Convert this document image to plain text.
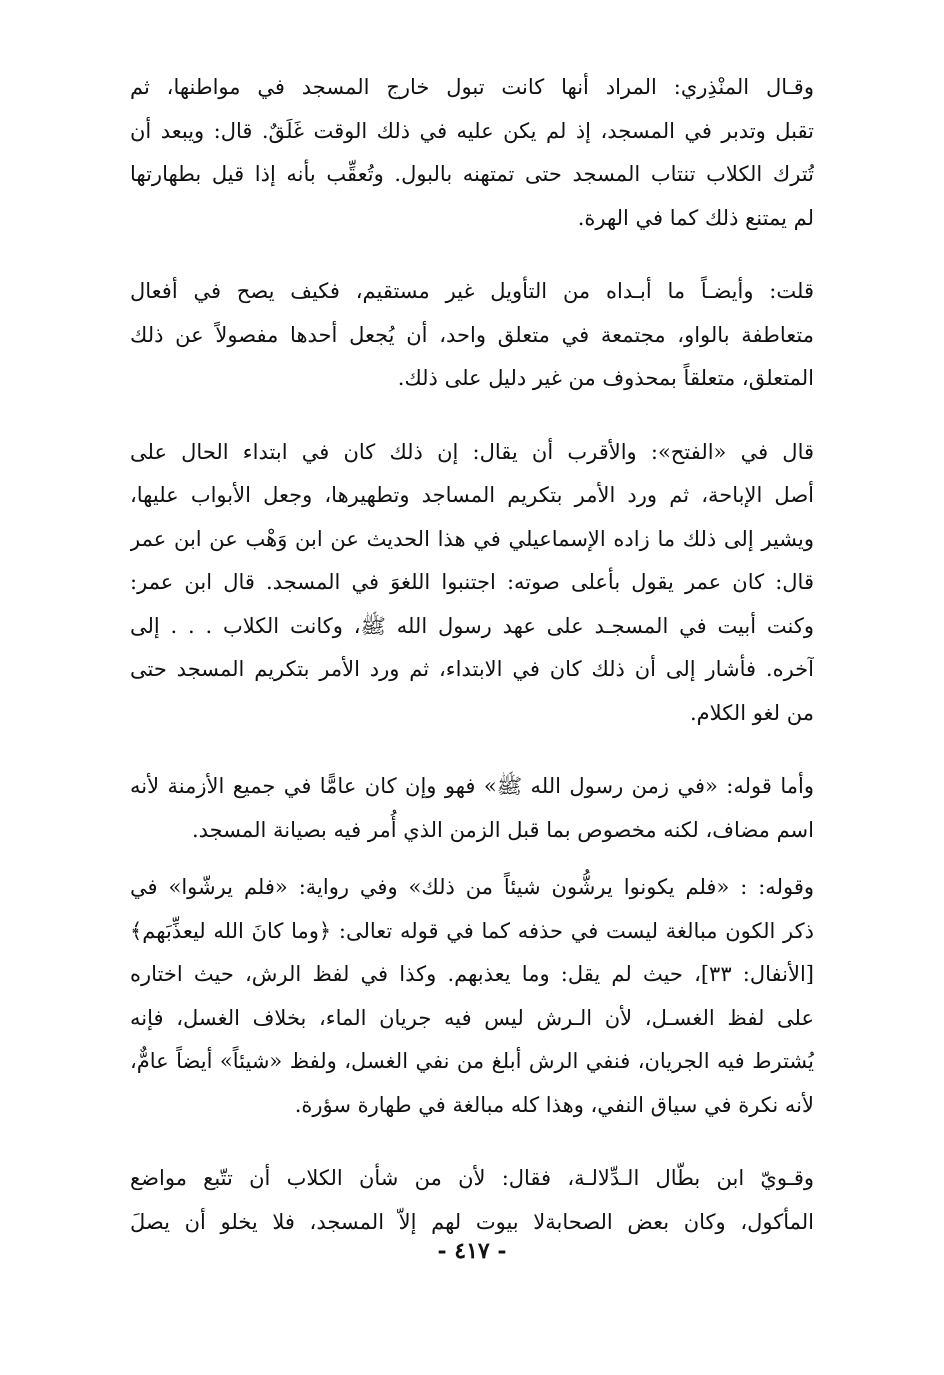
وقـال المنْذِري: المراد أنها كانت تبول خارج المسجد في مواطنها، ثم
تقبل وتدبر في المسجد، إذ لم يكن عليه في ذلك الوقت غَلَقٌ. قال: ويبعد أن
تُترك الكلاب تنتاب المسجد حتى تمتهنه بالبول. وتُعقِّب بأنه إذا قيل بطهارتها
لم يمتنع ذلك كما في الهرة.
قلت: وأيضـاً ما أبـداه من التأويل غير مستقيم، فكيف يصح في أفعال
متعاطفة بالواو، مجتمعة في متعلق واحد، أن يُجعل أحدها مفصولاً عن ذلك
المتعلق، متعلقاً بمحذوف من غير دليل على ذلك.
قال في «الفتح»: والأقرب أن يقال: إن ذلك كان في ابتداء الحال على
أصل الإباحة، ثم ورد الأمر بتكريم المساجد وتطهيرها، وجعل الأبواب عليها،
ويشير إلى ذلك ما زاده الإسماعيلي في هذا الحديث عن ابن وَهْب عن ابن عمر
قال: كان عمر يقول بأعلى صوته: اجتنبوا اللغوَ في المسجد. قال ابن عمر:
وكنت أبيت في المسجـد على عهد رسول الله ﷺ، وكانت الكلاب . . . إلى
آخره. فأشار إلى أن ذلك كان في الابتداء، ثم ورد الأمر بتكريم المسجد حتى
من لغو الكلام.
وأما قوله: «في زمن رسول الله ﷺ» فهو وإن كان عامًّا في جميع الأزمنة لأنه
اسم مضاف، لكنه مخصوص بما قبل الزمن الذي أُمر فيه بصيانة المسجد.
وقوله: : «فلم يكونوا يرشُّون شيئاً من ذلك» وفي رواية: «فلم يرشّوا» في
ذكر الكون مبالغة ليست في حذفه كما في قوله تعالى: ﴿وما كانَ الله ليعذِّبَهم﴾
[الأنفال: ٣٣]، حيث لم يقل: وما يعذبهم. وكذا في لفظ الرش، حيث اختاره
على لفظ الغسـل، لأن الـرش ليس فيه جريان الماء، بخلاف الغسل، فإنه
يُشترط فيه الجريان، فنفي الرش أبلغ من نفي الغسل، ولفظ «شيئاً» أيضاً عامٌّ،
لأنه نكرة في سياق النفي، وهذا كله مبالغة في طهارة سؤرة.
وقـويّ ابن بطّال الـدِّلالـة، فقال: لأن من شأن الكلاب أن تتّبع مواضع
المأكول، وكان بعض الصحابةلا بيوت لهم إلاّ المسجد، فلا يخلو أن يصلَ
- ٤١٧ -
